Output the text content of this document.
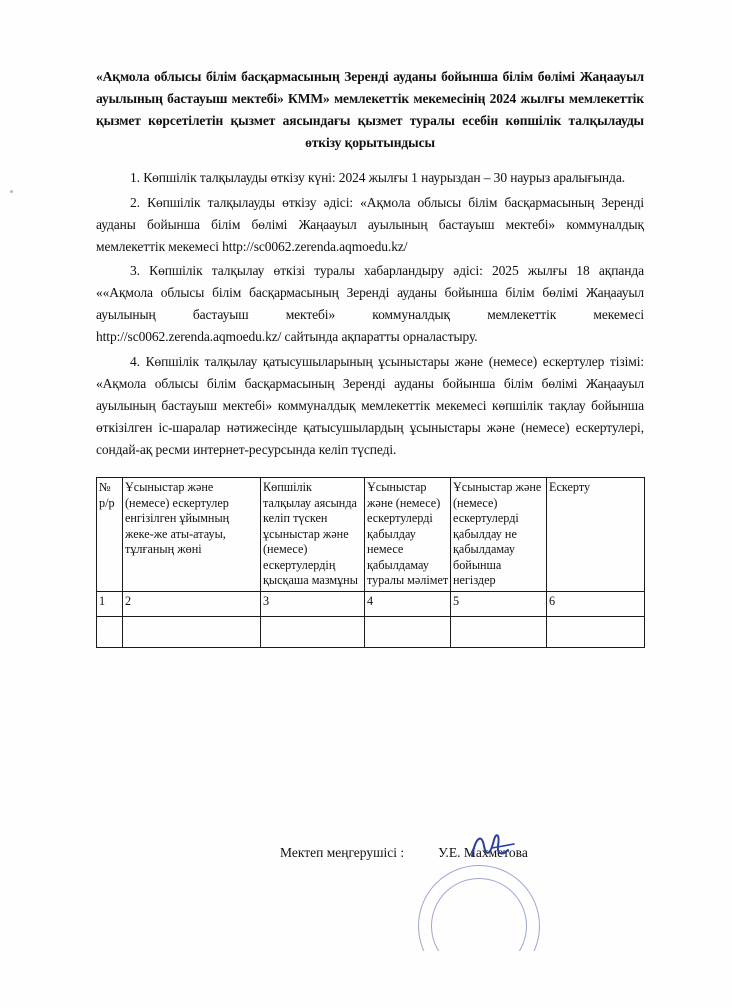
«Ақмола облысы білім басқармасының Зеренді ауданы бойынша білім бөлімі Жаңаауыл ауылының бастауыш мектебі» КММ» мемлекеттік мекемесінің 2024 жылғы мемлекеттік қызмет көрсетілетін қызмет аясындағы қызмет туралы есебін көпшілік талқылауды өткізу қорытындысы

1. Көпшілік талқылауды өткізу күні: 2024 жылғы 1 наурыздан – 30 наурыз аралығында.

2. Көпшілік талқылауды өткізу әдісі: «Ақмола облысы білім басқармасының Зеренді ауданы бойынша білім бөлімі Жаңаауыл ауылының бастауыш мектебі» коммуналдық мемлекеттік мекемесі http://sc0062.zerenda.aqmoedu.kz/

3. Көпшілік талқылау өткізі туралы хабарландыру әдісі: 2025 жылғы 18 ақпанда ««Ақмола облысы білім басқармасының Зеренді ауданы бойынша білім бөлімі Жаңаауыл ауылының бастауыш мектебі» коммуналдық мемлекеттік мекемесі http://sc0062.zerenda.aqmoedu.kz/ сайтында ақпаратты орналастыру.

4. Көпшілік талқылау қатысушыларының ұсыныстары және (немесе) ескертулер тізімі: «Ақмола облысы білім басқармасының Зеренді ауданы бойынша білім бөлімі Жаңаауыл ауылының бастауыш мектебі» коммуналдық мемлекеттік мекемесі көпшілік тақлау бойынша өткізілген іс-шаралар нәтижесінде қатысушылардың ұсыныстары және (немесе) ескертулері, сондай-ақ ресми интернет-ресурсында келіп түспеді.

№ р/р	Ұсыныстар және (немесе) ескертулер енгізілген ұйымның жеке-же аты-атауы, тұлғаның жөні	Көпшілік талқылау аясында келіп түскен ұсыныстар және (немесе) ескертулердің қысқаша мазмұны	Ұсыныстар және (немесе) ескертулерді қабылдау немесе қабылдамау туралы мәлімет	Ұсыныстар және (немесе) ескертулерді қабылдау не қабылдамау бойынша негіздер	Ескерту
1	2	3	4	5	6

Мектеп меңгерушісі :	У.Е. Махметова
